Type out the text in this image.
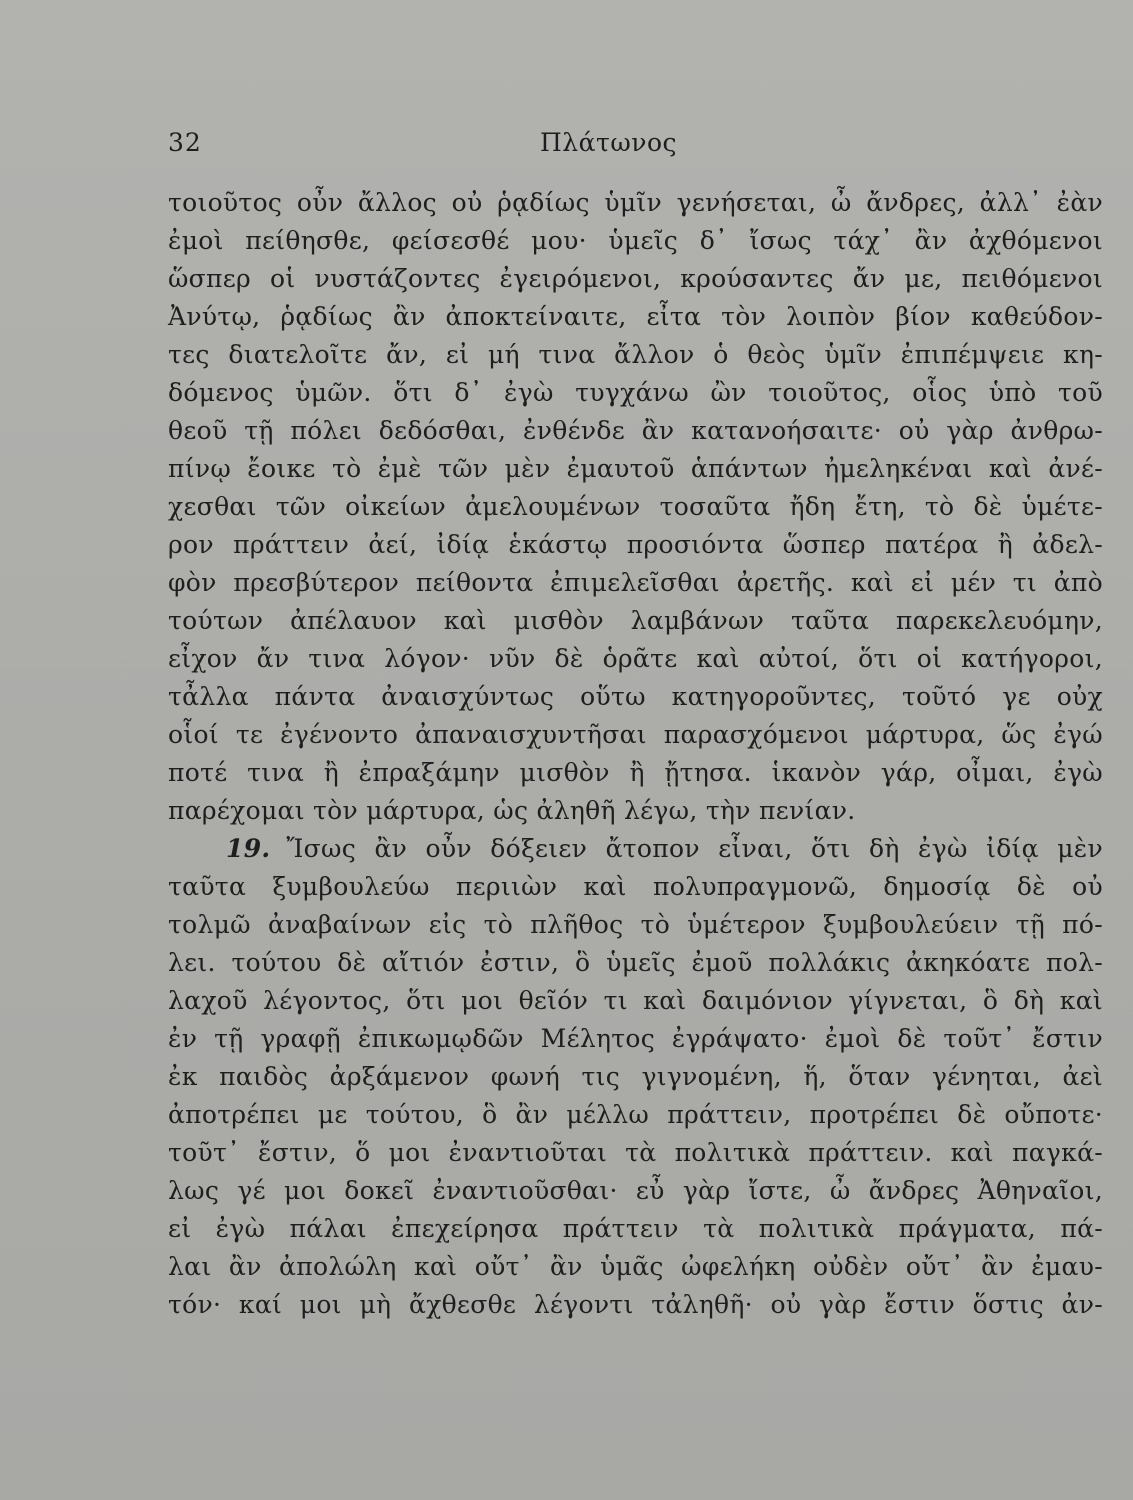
32	Πλάτωνος
τοιοῦτος οὖν ἄλλος οὐ ῥᾳδίως ὑμῖν γενήσεται, ὦ ἄνδρες, ἀλλ᾽ ἐὰν
ἐμοὶ πείθησθε, φείσεσθέ μου· ὑμεῖς δ᾽ ἴσως τάχ᾽ ἂν ἀχθόμενοι
ὥσπερ οἱ νυστάζοντες ἐγειρόμενοι, κρούσαντες ἄν με, πειθόμενοι
Ἀνύτῳ, ῥᾳδίως ἂν ἀποκτείναιτε, εἶτα τὸν λοιπὸν βίον καθεύδον-
τες διατελοῖτε ἄν, εἰ μή τινα ἄλλον ὁ θεὸς ὑμῖν ἐπιπέμψειε κη-
δόμενος ὑμῶν. ὅτι δ᾽ ἐγὼ τυγχάνω ὢν τοιοῦτος, οἷος ὑπὸ τοῦ
θεοῦ τῇ πόλει δεδόσθαι, ἐνθένδε ἂν κατανοήσαιτε· οὐ γὰρ ἀνθρω-
πίνῳ ἔοικε τὸ ἐμὲ τῶν μὲν ἐμαυτοῦ ἁπάντων ἠμεληκέναι καὶ ἀνέ-
χεσθαι τῶν οἰκείων ἀμελουμένων τοσαῦτα ἤδη ἔτη, τὸ δὲ ὑμέτε-
ρον πράττειν ἀεί, ἰδίᾳ ἑκάστῳ προσιόντα ὥσπερ πατέρα ἢ ἀδελ-
φὸν πρεσβύτερον πείθοντα ἐπιμελεῖσθαι ἀρετῆς. καὶ εἰ μέν τι ἀπὸ
τούτων ἀπέλαυον καὶ μισθὸν λαμβάνων ταῦτα παρεκελευόμην,
εἶχον ἄν τινα λόγον· νῦν δὲ ὁρᾶτε καὶ αὐτοί, ὅτι οἱ κατήγοροι,
τἆλλα πάντα ἀναισχύντως οὕτω κατηγοροῦντες, τοῦτό γε οὐχ
οἷοί τε ἐγένοντο ἀπαναισχυντῆσαι παρασχόμενοι μάρτυρα, ὥς ἐγώ
ποτέ τινα ἢ ἐπραξάμην μισθὸν ἢ ᾔτησα. ἱκανὸν γάρ, οἶμαι, ἐγὼ
παρέχομαι τὸν μάρτυρα, ὡς ἀληθῆ λέγω, τὴν πενίαν.
19. Ἴσως ἂν οὖν δόξειεν ἄτοπον εἶναι, ὅτι δὴ ἐγὼ ἰδίᾳ μὲν
ταῦτα ξυμβουλεύω περιιὼν καὶ πολυπραγμονῶ, δημοσίᾳ δὲ οὐ
τολμῶ ἀναβαίνων εἰς τὸ πλῆθος τὸ ὑμέτερον ξυμβουλεύειν τῇ πό-
λει. τούτου δὲ αἴτιόν ἐστιν, ὃ ὑμεῖς ἐμοῦ πολλάκις ἀκηκόατε πολ-
λαχοῦ λέγοντος, ὅτι μοι θεῖόν τι καὶ δαιμόνιον γίγνεται, ὃ δὴ καὶ
ἐν τῇ γραφῇ ἐπικωμῳδῶν Μέλητος ἐγράψατο· ἐμοὶ δὲ τοῦτ᾽ ἔστιν
ἐκ παιδὸς ἀρξάμενον φωνή τις γιγνομένη, ἥ, ὅταν γένηται, ἀεὶ
ἀποτρέπει με τούτου, ὃ ἂν μέλλω πράττειν, προτρέπει δὲ οὔποτε·
τοῦτ᾽ ἔστιν, ὅ μοι ἐναντιοῦται τὰ πολιτικὰ πράττειν. καὶ παγκά-
λως γέ μοι δοκεῖ ἐναντιοῦσθαι· εὖ γὰρ ἴστε, ὦ ἄνδρες Ἀθηναῖοι,
εἰ ἐγὼ πάλαι ἐπεχείρησα πράττειν τὰ πολιτικὰ πράγματα, πά-
λαι ἂν ἀπολώλη καὶ οὔτ᾽ ἂν ὑμᾶς ὠφελήκη οὐδὲν οὔτ᾽ ἂν ἐμαυ-
τόν· καί μοι μὴ ἄχθεσθε λέγοντι τἀληθῆ· οὐ γὰρ ἔστιν ὅστις ἀν-
